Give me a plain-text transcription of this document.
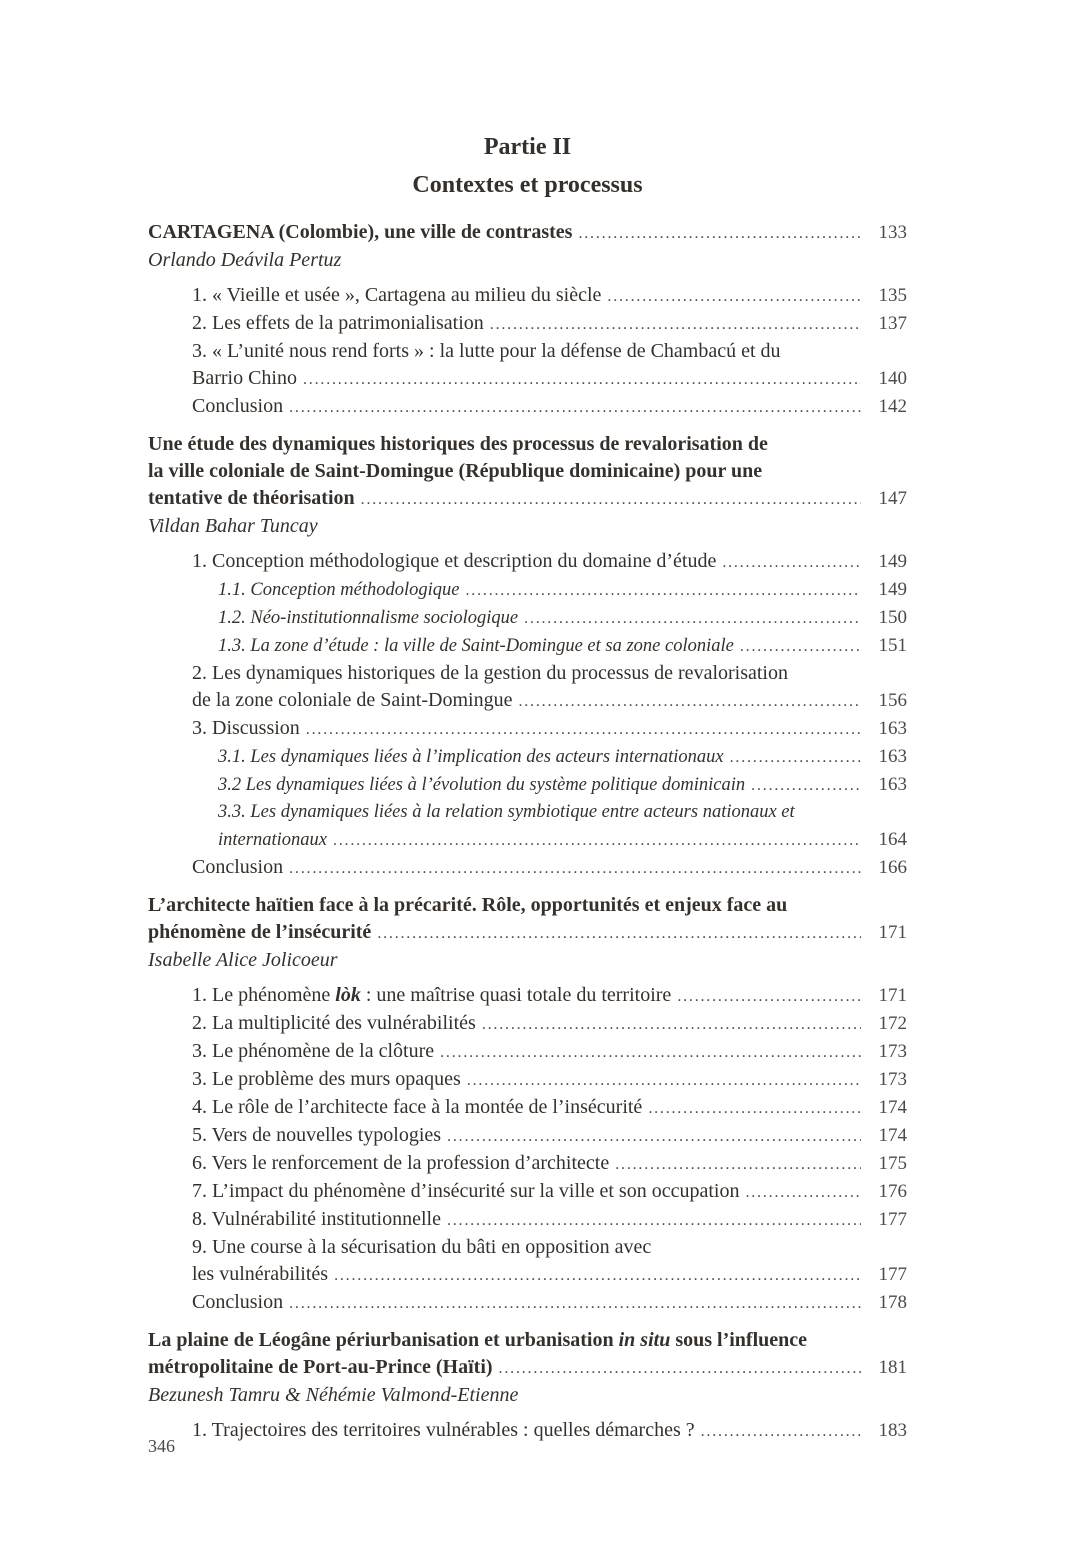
Partie II
Contextes et processus
CARTAGENA (Colombie), une ville de contrastes .....	133
Orlando Deávila Pertuz
1. « Vieille et usée », Cartagena au milieu du siècle .....	135
2. Les effets de la patrimonialisation .....	137
3. « L’unité nous rend forts » : la lutte pour la défense de Chambacú et du
Barrio Chino .....	140
Conclusion .....	142
Une étude des dynamiques historiques des processus de revalorisation de
la ville coloniale de Saint-Domingue (République dominicaine) pour une
tentative de théorisation .....	147
Vildan Bahar Tuncay
1. Conception méthodologique et description du domaine d’étude .....	149
1.1. Conception méthodologique .....	149
1.2. Néo-institutionnalisme sociologique .....	150
1.3. La zone d’étude : la ville de Saint-Domingue et sa zone coloniale .....	151
2. Les dynamiques historiques de la gestion du processus de revalorisation
de la zone coloniale de Saint-Domingue .....	156
3. Discussion .....	163
3.1. Les dynamiques liées à l’implication des acteurs internationaux .....	163
3.2 Les dynamiques liées à l’évolution du système politique dominicain .....	163
3.3. Les dynamiques liées à la relation symbiotique entre acteurs nationaux et
internationaux .....	164
Conclusion .....	166
L’architecte haïtien face à la précarité. Rôle, opportunités et enjeux face au
phénomène de l’insécurité .....	171
Isabelle Alice Jolicoeur
1. Le phénomène lòk : une maîtrise quasi totale du territoire .....	171
2. La multiplicité des vulnérabilités .....	172
3. Le phénomène de la clôture .....	173
3. Le problème des murs opaques .....	173
4. Le rôle de l’architecte face à la montée de l’insécurité .....	174
5. Vers de nouvelles typologies .....	174
6. Vers le renforcement de la profession d’architecte .....	175
7. L’impact du phénomène d’insécurité sur la ville et son occupation .....	176
8. Vulnérabilité institutionnelle .....	177
9. Une course à la sécurisation du bâti en opposition avec
les vulnérabilités .....	177
Conclusion .....	178
La plaine de Léogâne périurbanisation et urbanisation in situ sous l’influence
métropolitaine de Port-au-Prince (Haïti) .....	181
Bezunesh Tamru & Néhémie Valmond-Etienne
1. Trajectoires des territoires vulnérables : quelles démarches ? .....	183
346
